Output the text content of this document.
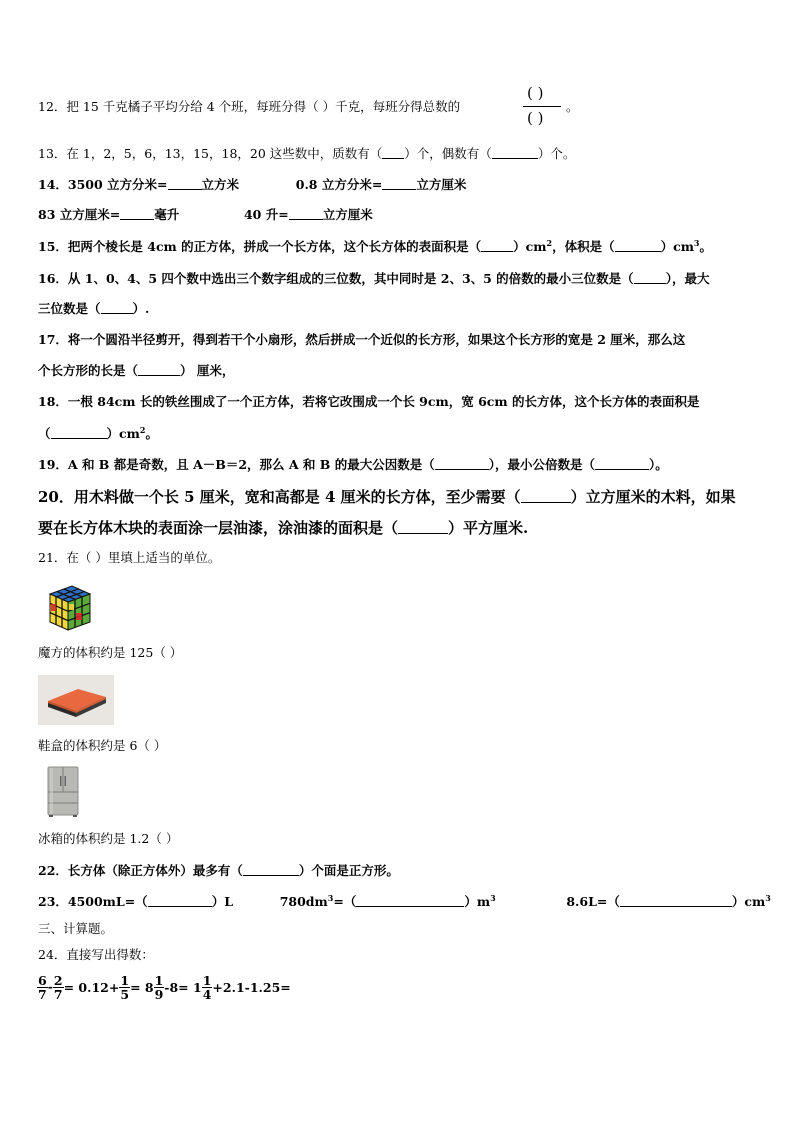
12．把 15 千克橘子平均分给 4 个班，每班分得（ ）千克，每班分得总数的
( )
( )
。
13．在 1，2，5，6，13，15，18，20 这些数中，质数有（ ）个，偶数有（	）个。
14．3500 立方分米=	立方米	0.8 立方分米=	立方厘米
83 立方厘米=	毫升	40 升=	立方厘米
15．把两个棱长是 4cm 的正方体，拼成一个长方体，这个长方体的表面积是（	）$cm^2$，体积是（	）$cm^3$。
16．从 1、0、4、5 四个数中选出三个数字组成的三位数，其中同时是 2、3、5 的倍数的最小三位数是（	），最大
三位数是（	）.
17．将一个圆沿半径剪开，得到若干个小扇形，然后拼成一个近似的长方形，如果这个长方形的宽是 2 厘米，那么这
个长方形的长是（	） 厘米，
18．一根 84cm 长的铁丝围成了一个正方体，若将它改围成一个长 9cm，宽 6cm 的长方体，这个长方体的表面积是
（	）$cm^2$。
19．A 和 B 都是奇数，且 A－B＝2，那么 A 和 B 的最大公因数是（	），最小公倍数是（	）。
20．用木料做一个长 5 厘米，宽和高都是 4 厘米的长方体，至少需要（	）立方厘米的木料，如果
要在长方体木块的表面涂一层油漆，涂油漆的面积是（	）平方厘米.
21．在（ ）里填上适当的单位。
魔方的体积约是 125（ ）
鞋盒的体积约是 6（ ）
冰箱的体积约是 1.2（ ）
22．长方体（除正方体外）最多有（	）个面是正方形。
23．4500mL=（	）L	$780dm^3=$（	）$m^3$	8.6L=（	）$cm^3$
三、计算题。
24．直接写出得数：
$\frac{6}{7} - \frac{2}{7} = 0.12+ \frac{1}{5} = 8 \frac{1}{9} -8= 1 \frac{1}{4} +2.1-1.25=$
